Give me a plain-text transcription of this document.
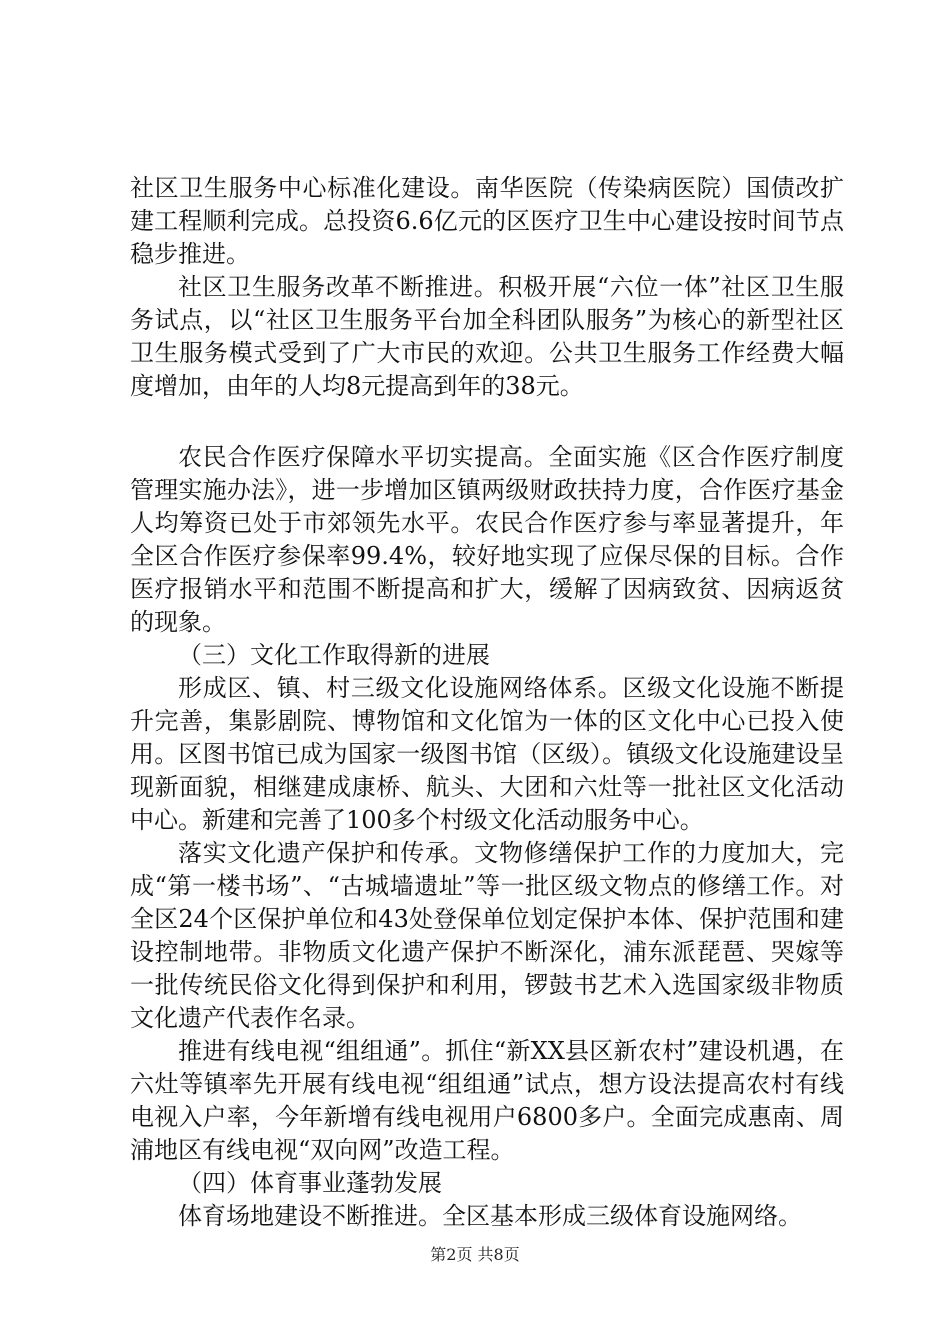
社区卫生服务中心标准化建设。南华医院（传染病医院）国债改扩建工程顺利完成。总投资6.6亿元的区医疗卫生中心建设按时间节点稳步推进。

社区卫生服务改革不断推进。积极开展“六位一体”社区卫生服务试点，以“社区卫生服务平台加全科团队服务”为核心的新型社区卫生服务模式受到了广大市民的欢迎。公共卫生服务工作经费大幅度增加，由年的人均8元提高到年的38元。

农民合作医疗保障水平切实提高。全面实施《区合作医疗制度管理实施办法》，进一步增加区镇两级财政扶持力度，合作医疗基金人均筹资已处于市郊领先水平。农民合作医疗参与率显著提升，年全区合作医疗参保率99.4%，较好地实现了应保尽保的目标。合作医疗报销水平和范围不断提高和扩大，缓解了因病致贫、因病返贫的现象。

（三）文化工作取得新的进展

形成区、镇、村三级文化设施网络体系。区级文化设施不断提升完善，集影剧院、博物馆和文化馆为一体的区文化中心已投入使用。区图书馆已成为国家一级图书馆（区级）。镇级文化设施建设呈现新面貌，相继建成康桥、航头、大团和六灶等一批社区文化活动中心。新建和完善了100多个村级文化活动服务中心。

落实文化遗产保护和传承。文物修缮保护工作的力度加大，完成“第一楼书场”、“古城墙遗址”等一批区级文物点的修缮工作。对全区24个区保护单位和43处登保单位划定保护本体、保护范围和建设控制地带。非物质文化遗产保护不断深化，浦东派琵琶、哭嫁等一批传统民俗文化得到保护和利用，锣鼓书艺术入选国家级非物质文化遗产代表作名录。

推进有线电视“组组通”。抓住“新XX县区新农村”建设机遇，在六灶等镇率先开展有线电视“组组通”试点，想方设法提高农村有线电视入户率，今年新增有线电视用户6800多户。全面完成惠南、周浦地区有线电视“双向网”改造工程。

（四）体育事业蓬勃发展

体育场地建设不断推进。全区基本形成三级体育设施网络。

第2页 共8页
